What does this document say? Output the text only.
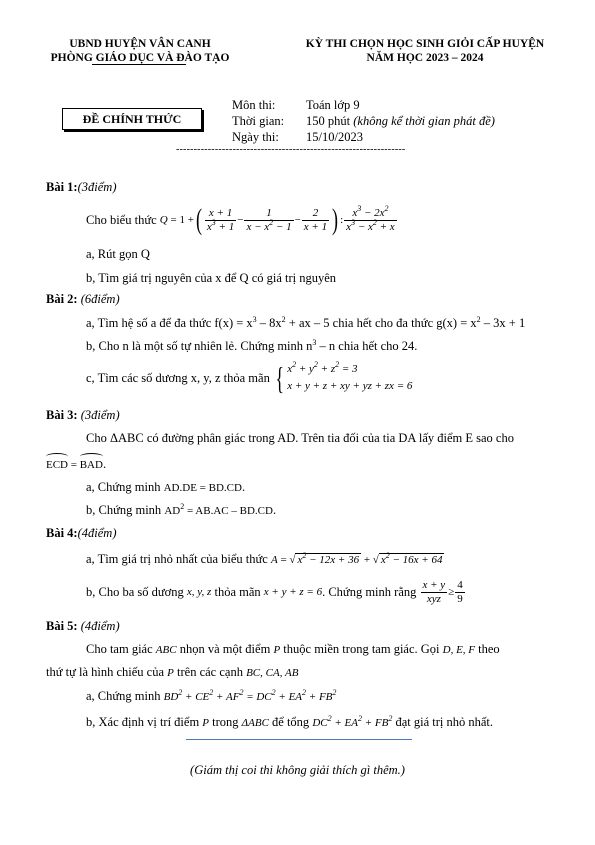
UBND HUYỆN VÂN CANH
PHÒNG GIÁO DỤC VÀ ĐÀO TẠO
KỲ THI CHỌN HỌC SINH GIỎI CẤP HUYỆN
NĂM HỌC 2023 – 2024
ĐỀ CHÍNH THỨC
Môn thi: Toán lớp 9
Thời gian: 150 phút (không kể thời gian phát đề)
Ngày thi: 15/10/2023
-----------------------------------------------------------------
Bài 1:(3điểm)
Cho biểu thức
Q = 1 + ( $\frac{x + 1}{x^3 + 1} - \frac{1}{x - x^2 - 1} - \frac{2}{x + 1}$ ) : $\frac{x^3 - 2x^2}{x^3 - x^2 + x}$
a, Rút gọn Q
b, Tìm giá trị nguyên của x để Q có giá trị nguyên
Bài 2: (6điểm)
a, Tìm hệ số a để đa thức $f(x) = x^3 - 8x^2$ + ax – 5 chia hết cho đa thức $g(x) = x^2 - 3x + 1$
b, Cho n là một số tự nhiên lẻ. Chứng minh $n^3$ – n chia hết cho 24.
c, Tìm các số dương x, y, z thỏa mãn { $x^2 + y^2 + z^2 = 3$
x + y + z + xy + yz + zx = 6
Bài 3: (3điểm)
Cho ΔABC có đường phân giác trong AD. Trên tia đối của tia DA lấy điểm E sao cho
ECD = BAD.
a, Chứng minh AD.DE = BD.CD.
b, Chứng minh $AD^2 = AB.AC - BD.CD$.
Bài 4:(4điểm)
a, Tìm giá trị nhỏ nhất của biểu thức A = √ $x^2 - 12x + 36$ + √ $x^2 - 16x + 64$
b, Cho ba số dương
x, y, z
thỏa mãn
x + y + z = 6 . Chứng minh rằng
$\frac{x + y}{\text{xyz}} \ge \frac{4}{9}$
Bài 5: (4điểm)
Cho tam giác ABC nhọn và một điểm P thuộc miền trong tam giác. Gọi D, E, F theo
thứ tự là hình chiếu của P trên các cạnh BC, CA, AB
a, Chứng minh $BD^2 + CE^2 + AF^2 = DC^2 + EA^2 + FB^2$
b, Xác định vị trí điểm P trong ΔABC để tổng $DC^2 + EA^2 + FB^2$ đạt giá trị nhỏ nhất.
(Giám thị coi thi không giải thích gì thêm.)
